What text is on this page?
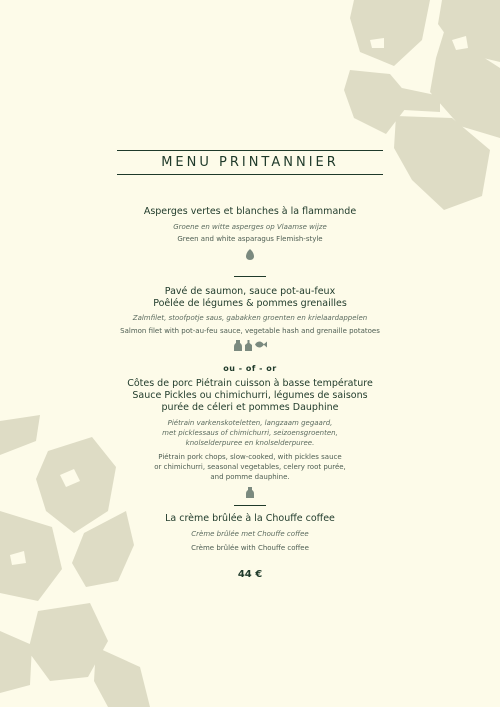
MENU PRINTANNIER
Asperges vertes et blanches à la flammande
Groene en witte asperges op Vlaamse wijze
Green and white asparagus Flemish-style
Pavé de saumon, sauce pot-au-feux
Poêlée de légumes & pommes grenailles
Zalmfilet, stoofpotje saus, gabakken groenten en krielaardappelen
Salmon filet with pot-au-feu sauce, vegetable hash and grenaille potatoes
ou - of - or
Côtes de porc Piétrain cuisson à basse température
Sauce Pickles ou chimichurri, légumes de saisons
purée de céleri et pommes Dauphine
Piétrain varkenskoteletten, langzaam gegaard,
met picklessaus of chimichurri, seizoensgroenten,
knolselderpuree en knolselderpuree.
Piétrain pork chops, slow-cooked, with pickles sauce
or chimichurri, seasonal vegetables, celery root purée,
and pomme dauphine.
La crème brûlée à la Chouffe coffee
Crème brûlée met Chouffe coffee
Crème brûlée with Chouffe coffee
44 €
